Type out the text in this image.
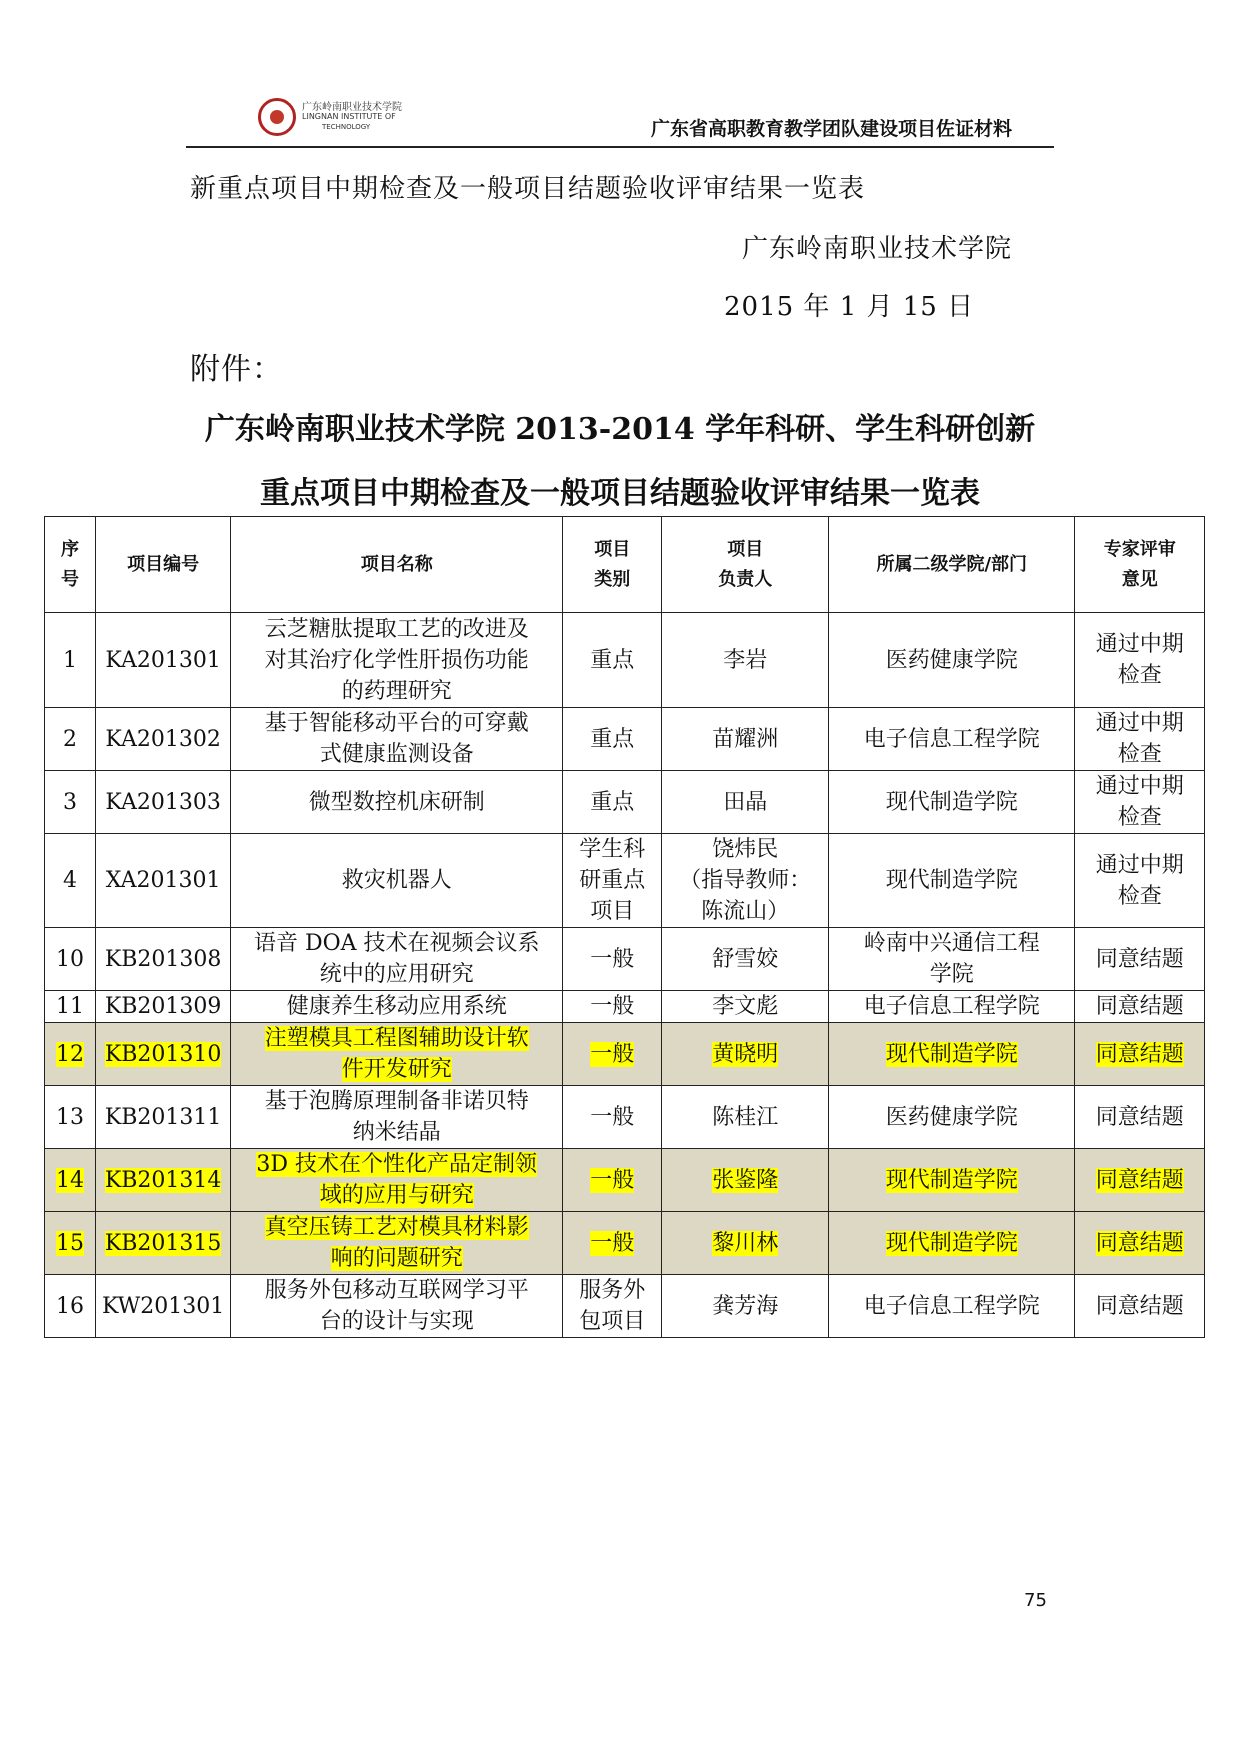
广东岭南职业技术学院
LINGNAN INSTITUTE OF
TECHNOLOGY	广东省高职教育教学团队建设项目佐证材料
新重点项目中期检查及一般项目结题验收评审结果一览表
广东岭南职业技术学院
2015 年 1 月 15 日
附件：
广东岭南职业技术学院 2013-2014 学年科研、学生科研创新
重点项目中期检查及一般项目结题验收评审结果一览表
序
号	项目编号	项目名称	项目
类别	项目
负责人	所属二级学院/部门	专家评审
意见
1	KA201301	云芝糖肽提取工艺的改进及
对其治疗化学性肝损伤功能
的药理研究	重点	李岩	医药健康学院	通过中期
检查
2	KA201302	基于智能移动平台的可穿戴
式健康监测设备	重点	苗耀洲	电子信息工程学院	通过中期
检查
3	KA201303	微型数控机床研制	重点	田晶	现代制造学院	通过中期
检查
4	XA201301	救灾机器人	学生科
研重点
项目	饶炜民
（指导教师：
陈流山）	现代制造学院	通过中期
检查
10	KB201308	语音 DOA 技术在视频会议系
统中的应用研究	一般	舒雪姣	岭南中兴通信工程
学院	同意结题
11	KB201309	健康养生移动应用系统	一般	李文彪	电子信息工程学院	同意结题
12	KB201310	注塑模具工程图辅助设计软
件开发研究	一般	黄晓明	现代制造学院	同意结题
13	KB201311	基于泡腾原理制备非诺贝特
纳米结晶	一般	陈桂江	医药健康学院	同意结题
14	KB201314	3D 技术在个性化产品定制领
域的应用与研究	一般	张鉴隆	现代制造学院	同意结题
15	KB201315	真空压铸工艺对模具材料影
响的问题研究	一般	黎川林	现代制造学院	同意结题
16	KW201301	服务外包移动互联网学习平
台的设计与实现	服务外
包项目	龚芳海	电子信息工程学院	同意结题
75
